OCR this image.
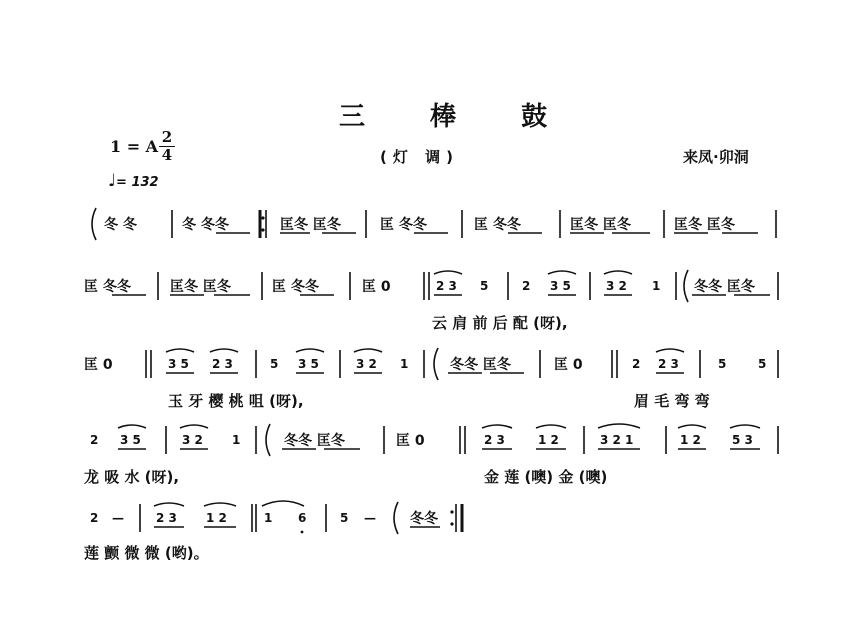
三 棒 鼓
(灯 调)	来凤·卯洞
1 = A 2
4
♩= 132
冬 冬	冬 冬冬	匡冬 匡冬	匡 冬冬	匡 冬冬	匡冬 匡冬	匡冬 匡冬
匡 冬冬	匡冬 匡冬	匡 冬冬	匡 0	2 3 5	2 3 5	3 2 1 冬冬 匡冬
云 肩 前 后 配 (呀),
匡 0	3 5 2 3	5 3 5	3 2 1	冬冬 匡冬	匡 0	2 2 3	5	5
玉 牙 樱 桃 咀 (呀),	眉 毛 弯 弯
2 3 5	3 2 1	冬冬 匡冬	匡 0	2 3	1 2	3 2 1	1 2	5 3
龙 吸 水 (呀),	金 莲 (噢) 金 (噢)
2 —	2 3 1 2	1 6	5 — 冬冬
莲 颤 微 微 (哟)。
